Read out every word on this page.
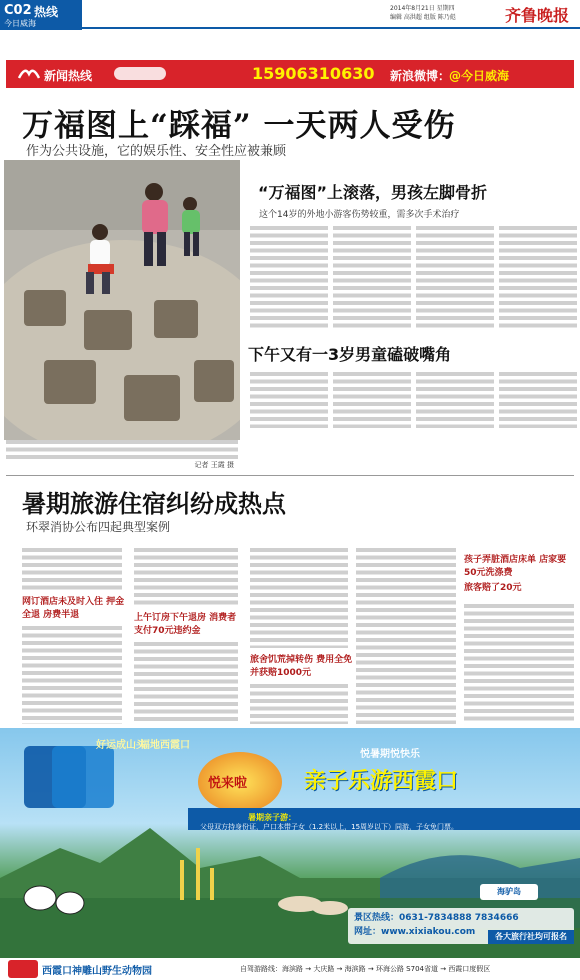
C02 热线
今日威海
2014年8月21日 星期四
编辑 高洪超 组版 陈乃彪	齐鲁晚报
新闻热线	15906310630 新浪微博：
@今日威海
万福图上“踩福” 一天两人受伤
作为公共设施，它的娱乐性、安全性应被兼顾
记者 王霞 摄
“万福图”上滚落，男孩左脚骨折
这个14岁的外地小游客伤势较重，需多次手术治疗
下午又有一3岁男童磕破嘴角
暑期旅游住宿纠纷成热点
环翠消协公布四起典型案例
网订酒店未及时入住 押金全退 房费半退	上午订房下午退房 消费者支付70元违约金
旅舍饥荒掉转伤 费用全免并获赔1000元
孩子弄脏酒店床单 店家要50元洗涤费
旅客赔了20元
好运成山头
福地西霞口
悦来啦
悦暑期悦快乐
亲子乐游西霞口
暑期亲子游：
父母双方持身份证，户口本带子女（1.2米以上，15周岁以下）同游，子女免门票。
海驴岛
景区热线：0631-7834888 7834666
网址：www.xixiakou.com	各大旅行社均可报名
西霞口神雕山野生动物园	自驾游路线：海滨路 → 大庆路 → 海滨路 → 环海公路 S704省道 → 西霞口度假区
